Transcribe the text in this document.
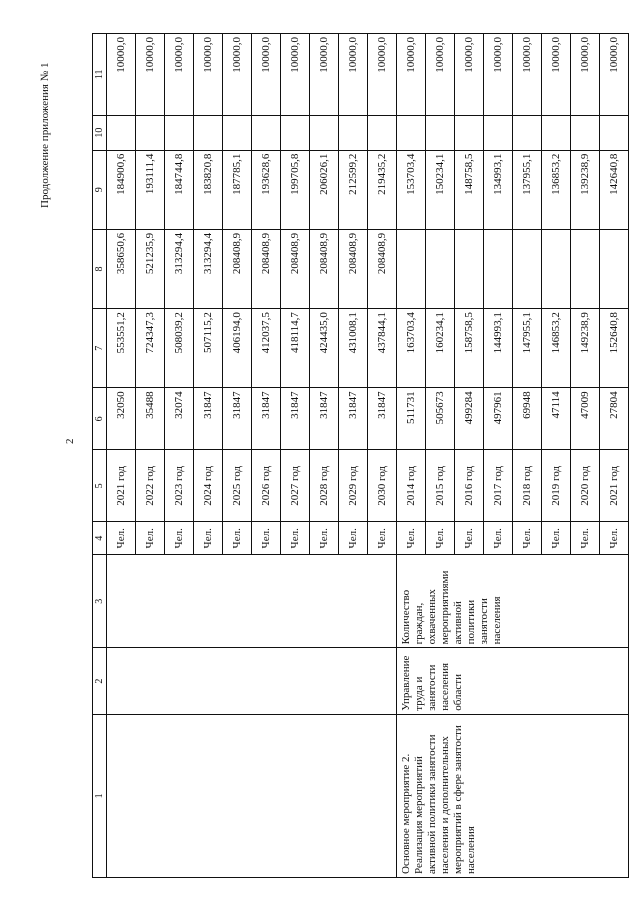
2
Продолжение приложения № 1
1	2	3	4	5	6	7	8	9	10	11
			Чел.	2021 год	32050	553551,2	358650,6	184900,6		10000,0
			Чел.	2022 год	35488	724347,3	521235,9	193111,4		10000,0
			Чел.	2023 год	32074	508039,2	313294,4	184744,8		10000,0
			Чел.	2024 год	31847	507115,2	313294,4	183820,8		10000,0
			Чел.	2025 год	31847	406194,0	208408,9	187785,1		10000,0
			Чел.	2026 год	31847	412037,5	208408,9	193628,6		10000,0
			Чел.	2027 год	31847	418114,7	208408,9	199705,8		10000,0
			Чел.	2028 год	31847	424435,0	208408,9	206026,1		10000,0
			Чел.	2029 год	31847	431008,1	208408,9	212599,2		10000,0
			Чел.	2030 год	31847	437844,1	208408,9	219435,2		10000,0
Основное мероприятие 2. Реализация мероприятий активной политики занятости населения и дополнительных мероприятий в сфере занятости населения	Управление труда и занятости населения области	Количество граждан, охваченных мероприятиями активной политики занятости населения	Чел.	2014 год	511731	163703,4		153703,4		10000,0
			Чел.	2015 год	505673	160234,1		150234,1		10000,0
			Чел.	2016 год	499284	158758,5		148758,5		10000,0
			Чел.	2017 год	497961	144993,1		134993,1		10000,0
			Чел.	2018 год	69948	147955,1		137955,1		10000,0
			Чел.	2019 год	47114	146853,2		136853,2		10000,0
			Чел.	2020 год	47009	149238,9		139238,9		10000,0
			Чел.	2021 год	27804	152640,8		142640,8		10000,0
